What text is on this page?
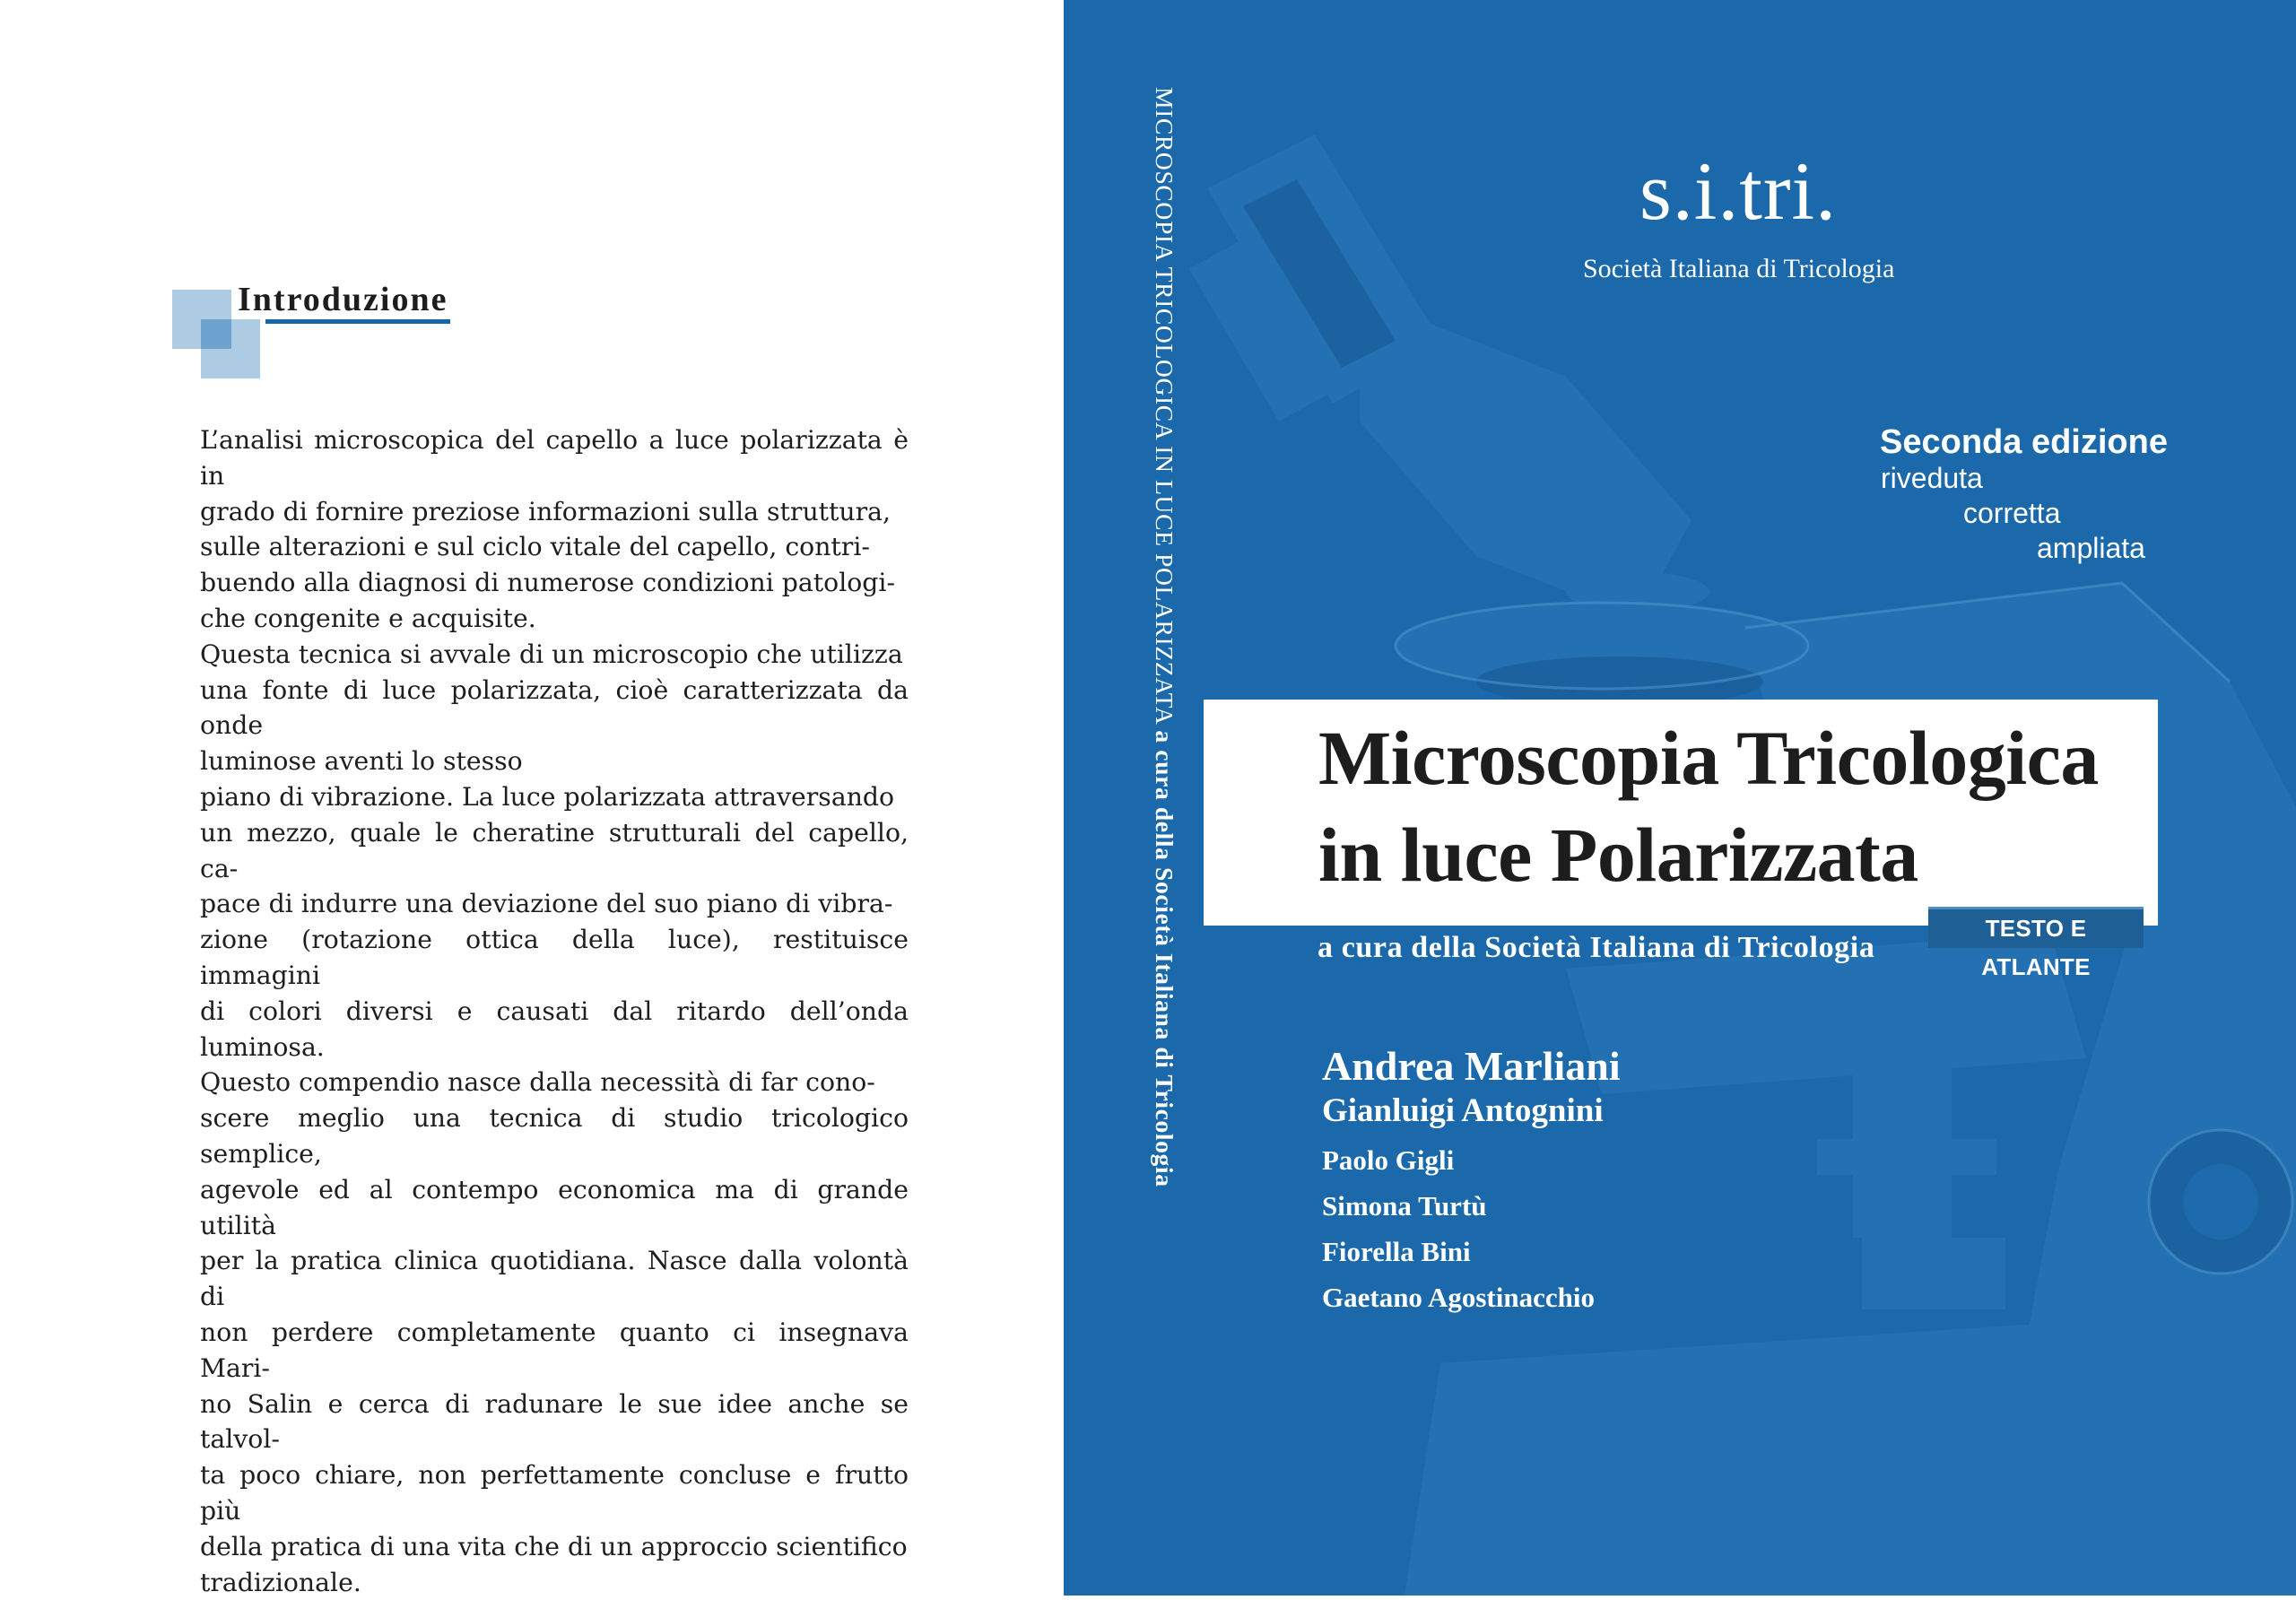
Introduzione
L’analisi microscopica del capello a luce polarizzata è in
grado di fornire preziose informazioni sulla struttura,
sulle alterazioni e sul ciclo vitale del capello, contri-
buendo alla diagnosi di numerose condizioni patologi-
che congenite e acquisite.
Questa tecnica si avvale di un microscopio che utilizza
una fonte di luce polarizzata, cioè caratterizzata da onde
luminose aventi lo stesso
piano di vibrazione. La luce polarizzata attraversando
un mezzo, quale le cheratine strutturali del capello, ca-
pace di indurre una deviazione del suo piano di vibra-
zione (rotazione ottica della luce), restituisce immagini
di colori diversi e causati dal ritardo dell’onda luminosa.
Questo compendio nasce dalla necessità di far cono-
scere meglio una tecnica di studio tricologico semplice,
agevole ed al contempo economica ma di grande utilità
per la pratica clinica quotidiana. Nasce dalla volontà di
non perdere completamente quanto ci insegnava Mari-
no Salin e cerca di radunare le sue idee anche se talvol-
ta poco chiare, non perfettamente concluse e frutto più
della pratica di una vita che di un approccio scientifico
tradizionale.
MICROSCOPIA TRICOLOGICA IN LUCE POLARIZZATA a cura della Società Italiana di Tricologia
s.i.tri.
Società Italiana di Tricologia
Seconda edizione
riveduta
corretta
ampliata
Microscopia Tricologica
in luce Polarizzata
TESTO E ATLANTE
a cura della Società Italiana di Tricologia
Andrea Marliani
Gianluigi Antognini
Paolo Gigli
Simona Turtù
Fiorella Bini
Gaetano Agostinacchio
